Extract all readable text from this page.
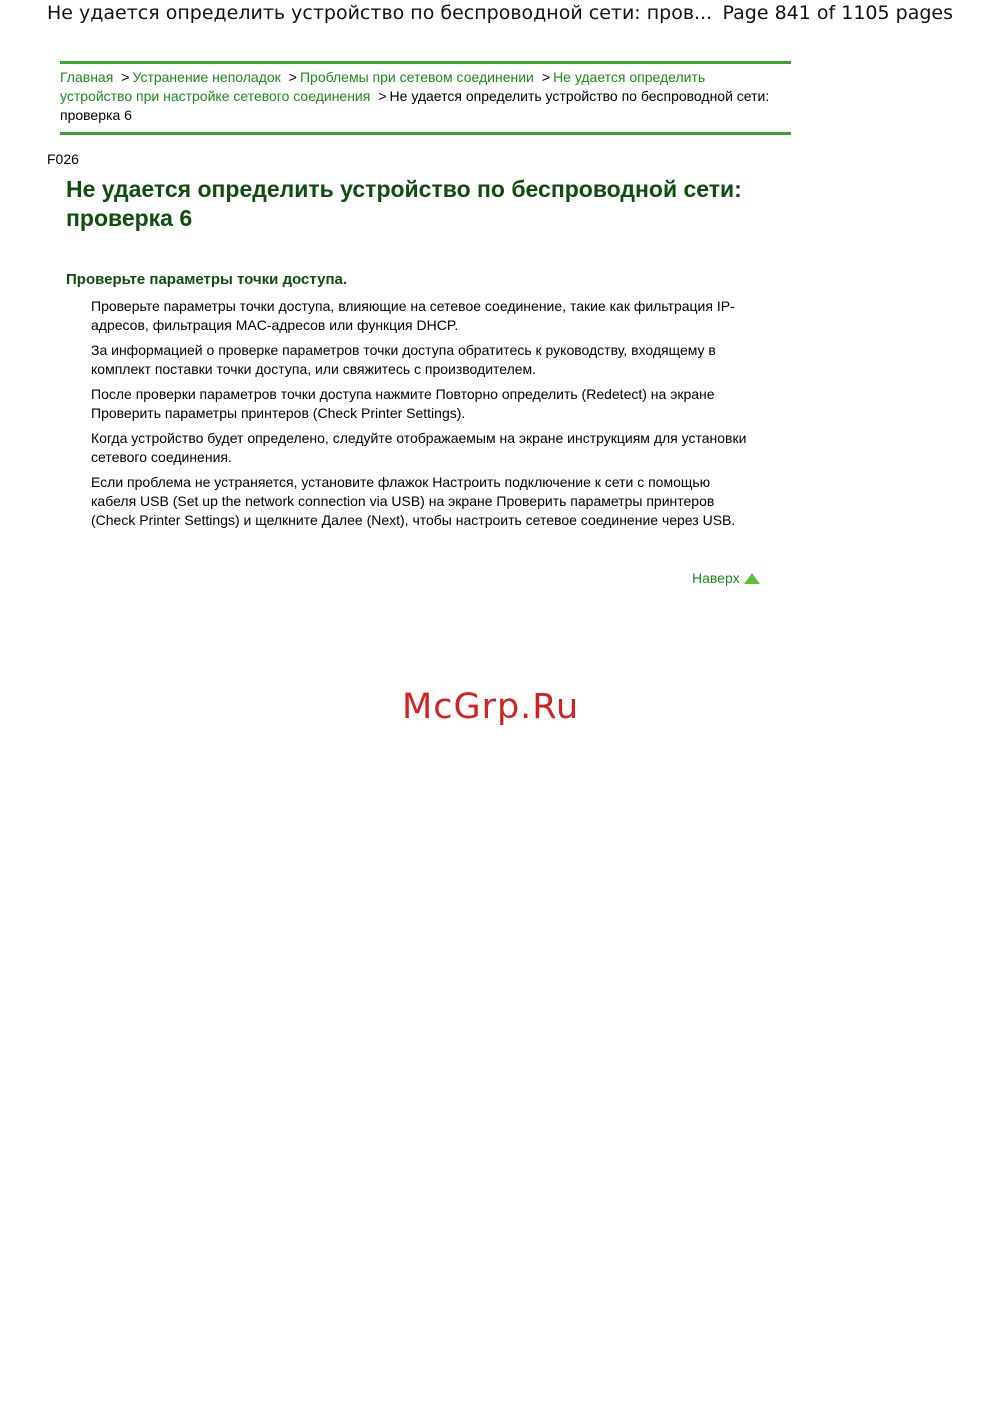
Не удается определить устройство по беспроводной сети: пров... Page 841 of 1105 pages
Главная > Устранение неполадок > Проблемы при сетевом соединении > Не удается определить устройство при настройке сетевого соединения > Не удается определить устройство по беспроводной сети: проверка 6
F026
Не удается определить устройство по беспроводной сети: проверка 6
Проверьте параметры точки доступа.

Проверьте параметры точки доступа, влияющие на сетевое соединение, такие как фильтрация IP-адресов, фильтрация MAC-адресов или функция DHCP.

За информацией о проверке параметров точки доступа обратитесь к руководству, входящему в комплект поставки точки доступа, или свяжитесь с производителем.

После проверки параметров точки доступа нажмите Повторно определить (Redetect) на экране Проверить параметры принтеров (Check Printer Settings).

Когда устройство будет определено, следуйте отображаемым на экране инструкциям для установки сетевого соединения.

Если проблема не устраняется, установите флажок Настроить подключение к сети с помощью кабеля USB (Set up the network connection via USB) на экране Проверить параметры принтеров (Check Printer Settings) и щелкните Далее (Next), чтобы настроить сетевое соединение через USB.

Наверх
McGrp.Ru
